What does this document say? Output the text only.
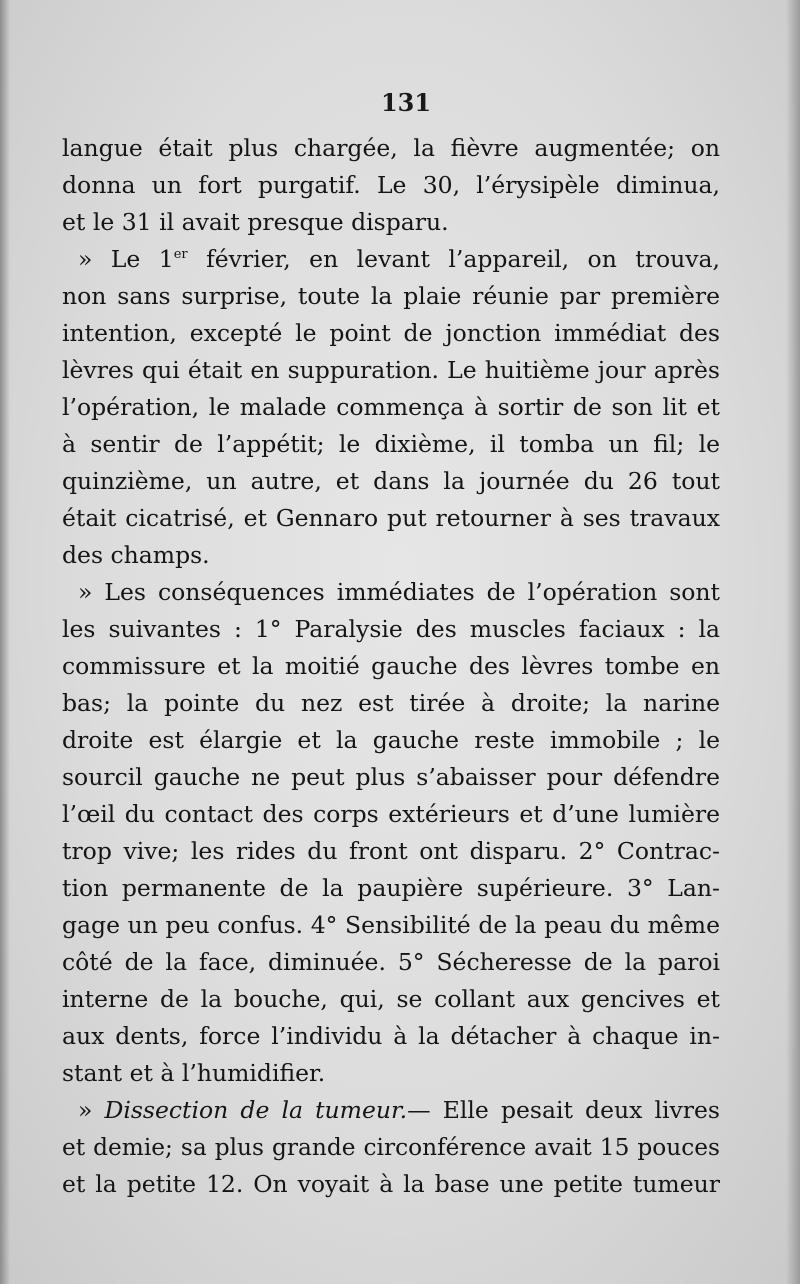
131
langue était plus chargée, la fièvre augmentée; on
donna un fort purgatif. Le 30, l’érysipèle diminua,
et le 31 il avait presque disparu.
» Le 1er février, en levant l’appareil, on trouva,
non sans surprise, toute la plaie réunie par première
intention, excepté le point de jonction immédiat des
lèvres qui était en suppuration. Le huitième jour après
l’opération, le malade commença à sortir de son lit et
à sentir de l’appétit; le dixième, il tomba un fil; le
quinzième, un autre, et dans la journée du 26 tout
était cicatrisé, et Gennaro put retourner à ses travaux
des champs.
» Les conséquences immédiates de l’opération sont
les suivantes : 1° Paralysie des muscles faciaux : la
commissure et la moitié gauche des lèvres tombe en
bas; la pointe du nez est tirée à droite; la narine
droite est élargie et la gauche reste immobile ; le
sourcil gauche ne peut plus s’abaisser pour défendre
l’œil du contact des corps extérieurs et d’une lumière
trop vive; les rides du front ont disparu. 2° Contrac-
tion permanente de la paupière supérieure. 3° Lan-
gage un peu confus. 4° Sensibilité de la peau du même
côté de la face, diminuée. 5° Sécheresse de la paroi
interne de la bouche, qui, se collant aux gencives et
aux dents, force l’individu à la détacher à chaque in-
stant et à l’humidifier.
» Dissection de la tumeur.— Elle pesait deux livres
et demie; sa plus grande circonférence avait 15 pouces
et la petite 12. On voyait à la base une petite tumeur
